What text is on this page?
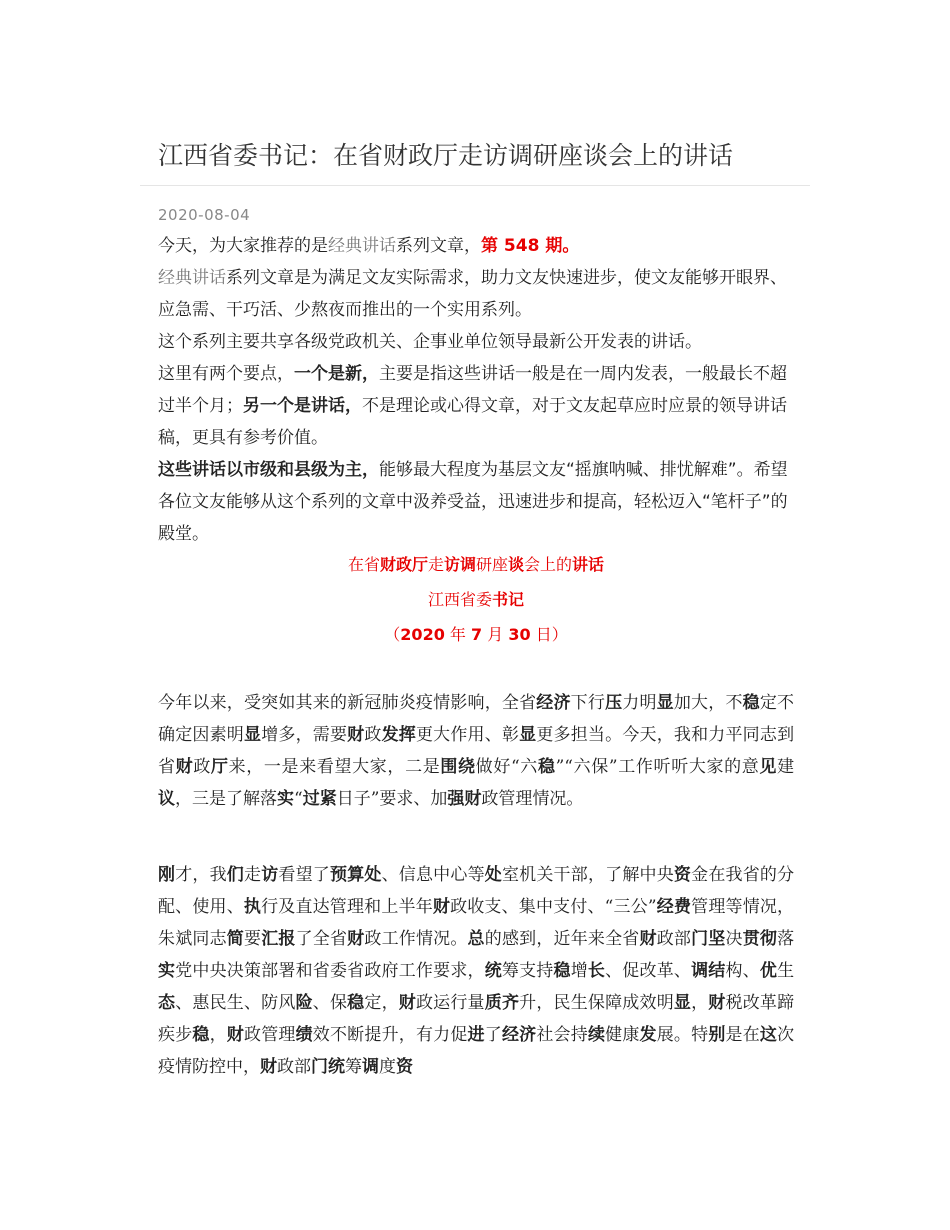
江西省委书记：在省财政厅走访调研座谈会上的讲话
2020-08-04

今天，为大家推荐的是经典讲话系列文章，第 548 期。

经典讲话系列文章是为满足文友实际需求，助力文友快速进步，使文友能够开眼界、应急需、干巧活、少熬夜而推出的一个实用系列。

这个系列主要共享各级党政机关、企事业单位领导最新公开发表的讲话。

这里有两个要点，一个是新，主要是指这些讲话一般是在一周内发表，一般最长不超过半个月；另一个是讲话，不是理论或心得文章，对于文友起草应时应景的领导讲话稿，更具有参考价值。

这些讲话以市级和县级为主，能够最大程度为基层文友“摇旗呐喊、排忧解难”。希望各位文友能够从这个系列的文章中汲养受益，迅速进步和提高，轻松迈入“笔杆子”的殿堂。

在省财政厅走访调研座谈会上的讲话
江西省委书记
（2020 年 7 月 30 日）

今年以来，受突如其来的新冠肺炎疫情影响，全省经济下行压力明显加大，不稳定不确定因素明显增多，需要财政发挥更大作用、彰显更多担当。今天，我和力平同志到省财政厅来，一是来看望大家，二是围绕做好“六稳”“六保”工作听听大家的意见建议，三是了解落实“过紧日子”要求、加强财政管理情况。

刚才，我们走访看望了预算处、信息中心等处室机关干部，了解中央资金在我省的分配、使用、执行及直达管理和上半年财政收支、集中支付、“三公”经费管理等情况，朱斌同志简要汇报了全省财政工作情况。总的感到，近年来全省财政部门坚决贯彻落实党中央决策部署和省委省政府工作要求，统筹支持稳增长、促改革、调结构、优生态、惠民生、防风险、保稳定，财政运行量质齐升，民生保障成效明显，财税改革蹄疾步稳，财政管理绩效不断提升，有力促进了经济社会持续健康发展。特别是在这次疫情防控中，财政部门统筹调度资
